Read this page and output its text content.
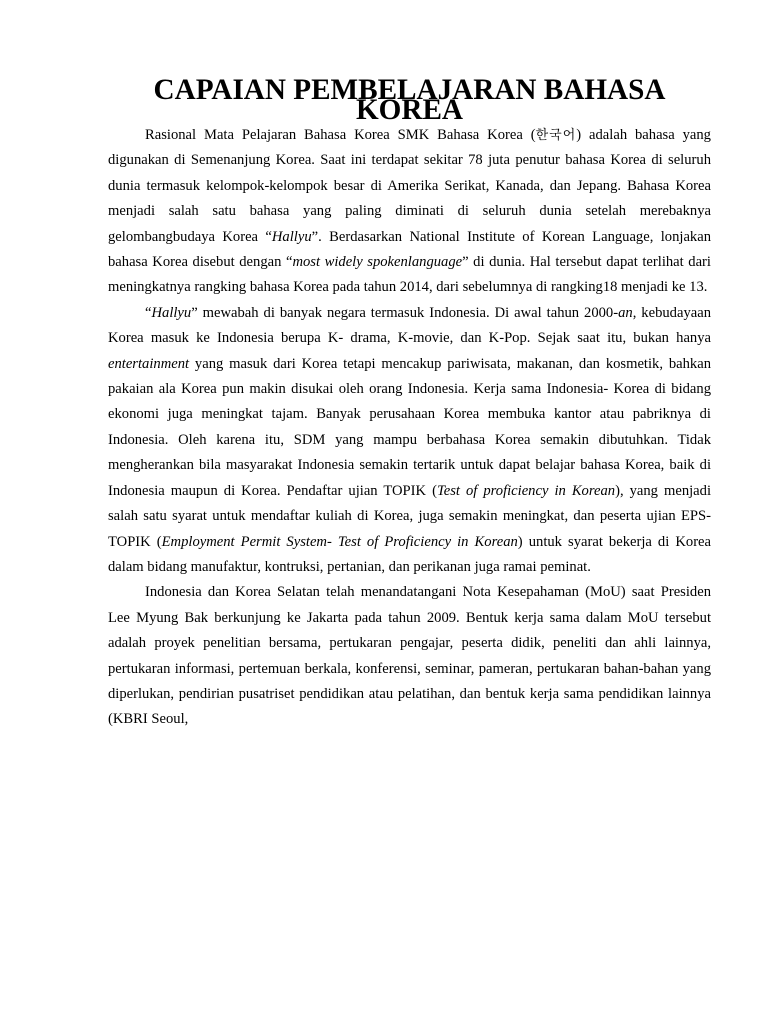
CAPAIAN PEMBELAJARAN BAHASA KOREA

Rasional Mata Pelajaran Bahasa Korea SMK Bahasa Korea (한국어) adalah bahasa yang digunakan di Semenanjung Korea. Saat ini terdapat sekitar 78 juta penutur bahasa Korea di seluruh dunia termasuk kelompok-kelompok besar di Amerika Serikat, Kanada, dan Jepang. Bahasa Korea menjadi salah satu bahasa yang paling diminati di seluruh dunia setelah merebaknya gelombangbudaya Korea “Hallyu”. Berdasarkan National Institute of Korean Language, lonjakan bahasa Korea disebut dengan “most widely spokenlanguage” di dunia. Hal tersebut dapat terlihat dari meningkatnya rangking bahasa Korea pada tahun 2014, dari sebelumnya di rangking18 menjadi ke 13.

“Hallyu” mewabah di banyak negara termasuk Indonesia. Di awal tahun 2000-an, kebudayaan Korea masuk ke Indonesia berupa K- drama, K-movie, dan K-Pop. Sejak saat itu, bukan hanya entertainment yang masuk dari Korea tetapi mencakup pariwisata, makanan, dan kosmetik, bahkan pakaian ala Korea pun makin disukai oleh orang Indonesia. Kerja sama Indonesia- Korea di bidang ekonomi juga meningkat tajam. Banyak perusahaan Korea membuka kantor atau pabriknya di Indonesia. Oleh karena itu, SDM yang mampu berbahasa Korea semakin dibutuhkan. Tidak mengherankan bila masyarakat Indonesia semakin tertarik untuk dapat belajar bahasa Korea, baik di Indonesia maupun di Korea. Pendaftar ujian TOPIK (Test of proficiency in Korean), yang menjadi salah satu syarat untuk mendaftar kuliah di Korea, juga semakin meningkat, dan peserta ujian EPS-TOPIK (Employment Permit System- Test of Proficiency in Korean) untuk syarat bekerja di Korea dalam bidang manufaktur, kontruksi, pertanian, dan perikanan juga ramai peminat.

Indonesia dan Korea Selatan telah menandatangani Nota Kesepahaman (MoU) saat Presiden Lee Myung Bak berkunjung ke Jakarta pada tahun 2009. Bentuk kerja sama dalam MoU tersebut adalah proyek penelitian bersama, pertukaran pengajar, peserta didik, peneliti dan ahli lainnya, pertukaran informasi, pertemuan berkala, konferensi, seminar, pameran, pertukaran bahan-bahan yang diperlukan, pendirian pusatriset pendidikan atau pelatihan, dan bentuk kerja sama pendidikan lainnya (KBRI Seoul,
